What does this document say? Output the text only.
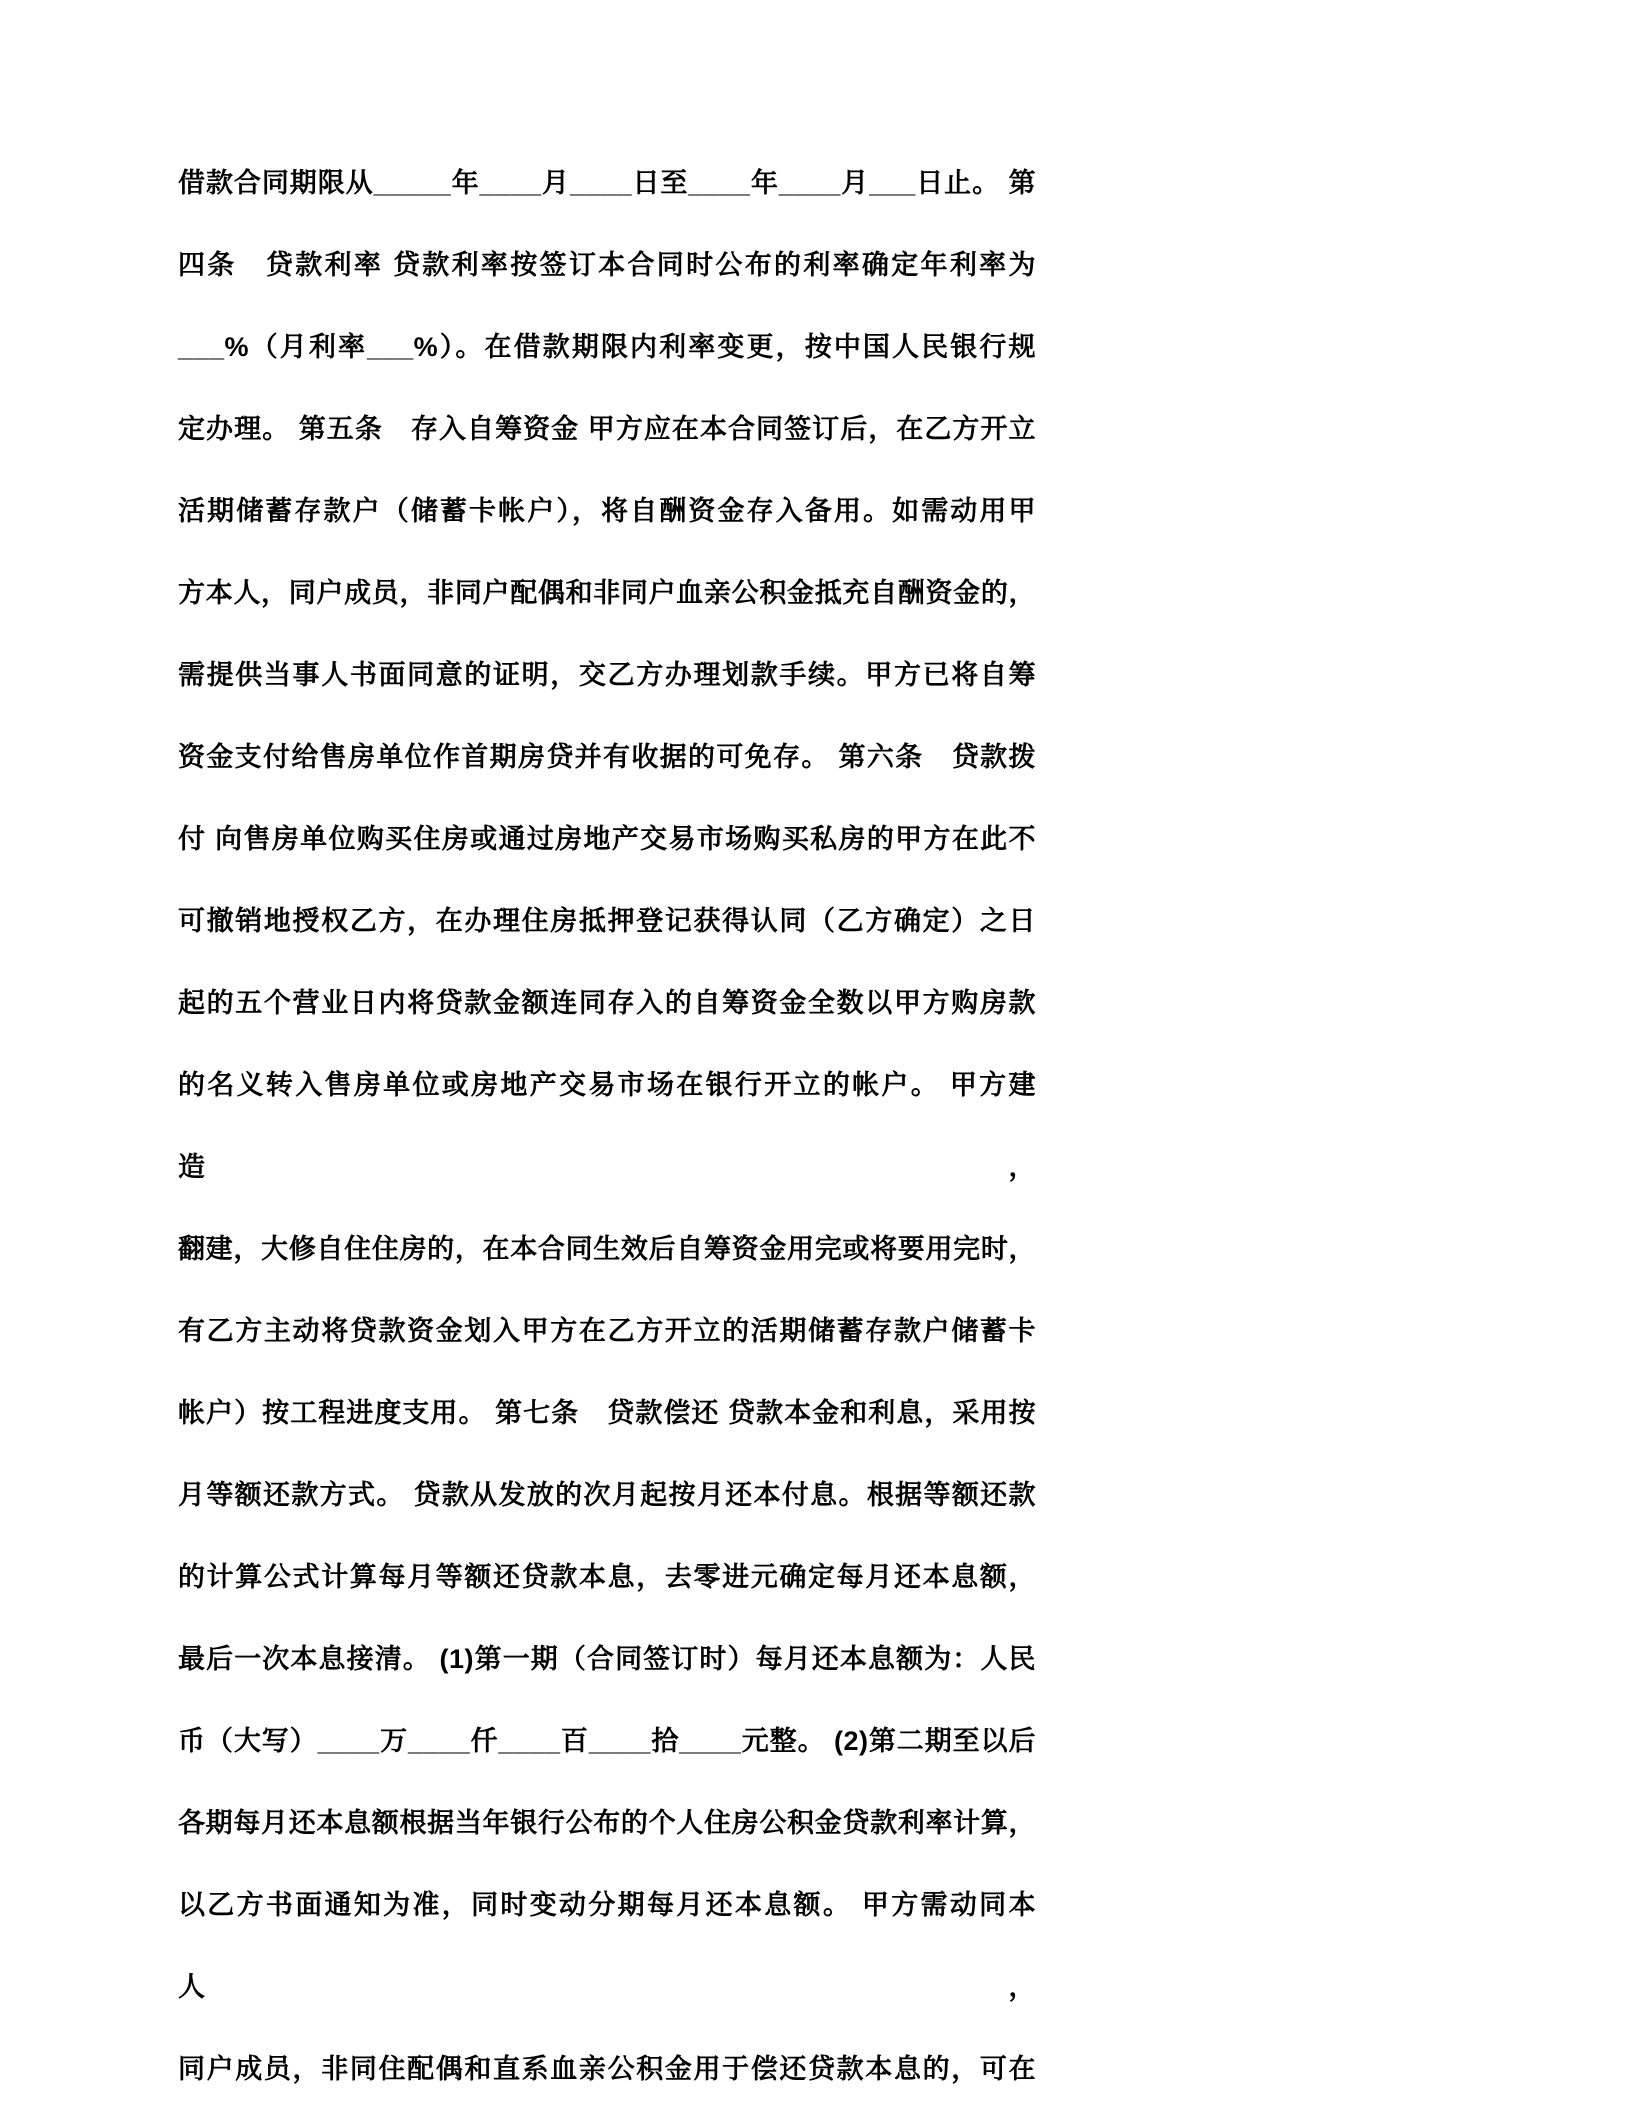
借款合同期限从_____年____月____日至____年____月___日止。 第
四条　贷款利率 贷款利率按签订本合同时公布的利率确定年利率为
___%（月利率___%）。在借款期限内利率变更，按中国人民银行规
定办理。 第五条　存入自筹资金 甲方应在本合同签订后，在乙方开立
活期储蓄存款户（储蓄卡帐户），将自酬资金存入备用。如需动用甲
方本人，同户成员，非同户配偶和非同户血亲公积金抵充自酬资金的，
需提供当事人书面同意的证明，交乙方办理划款手续。甲方已将自筹
资金支付给售房单位作首期房贷并有收据的可免存。 第六条　贷款拨
付 向售房单位购买住房或通过房地产交易市场购买私房的甲方在此不
可撤销地授权乙方，在办理住房抵押登记获得认同（乙方确定）之日
起的五个营业日内将贷款金额连同存入的自筹资金全数以甲方购房款
的名义转入售房单位或房地产交易市场在银行开立的帐户。 甲方建造，
翻建，大修自住住房的，在本合同生效后自筹资金用完或将要用完时，
有乙方主动将贷款资金划入甲方在乙方开立的活期储蓄存款户储蓄卡
帐户）按工程进度支用。 第七条　贷款偿还 贷款本金和利息，采用按
月等额还款方式。 贷款从发放的次月起按月还本付息。根据等额还款
的计算公式计算每月等额还贷款本息，去零进元确定每月还本息额，
最后一次本息接清。 (1)第一期（合同签订时）每月还本息额为：人民
币（大写）____万____仟____百____拾____元整。 (2)第二期至以后
各期每月还本息额根据当年银行公布的个人住房公积金贷款利率计算，
以乙方书面通知为准，同时变动分期每月还本息额。 甲方需动同本人，
同户成员，非同住配偶和直系血亲公积金用于偿还贷款本息的，可在
